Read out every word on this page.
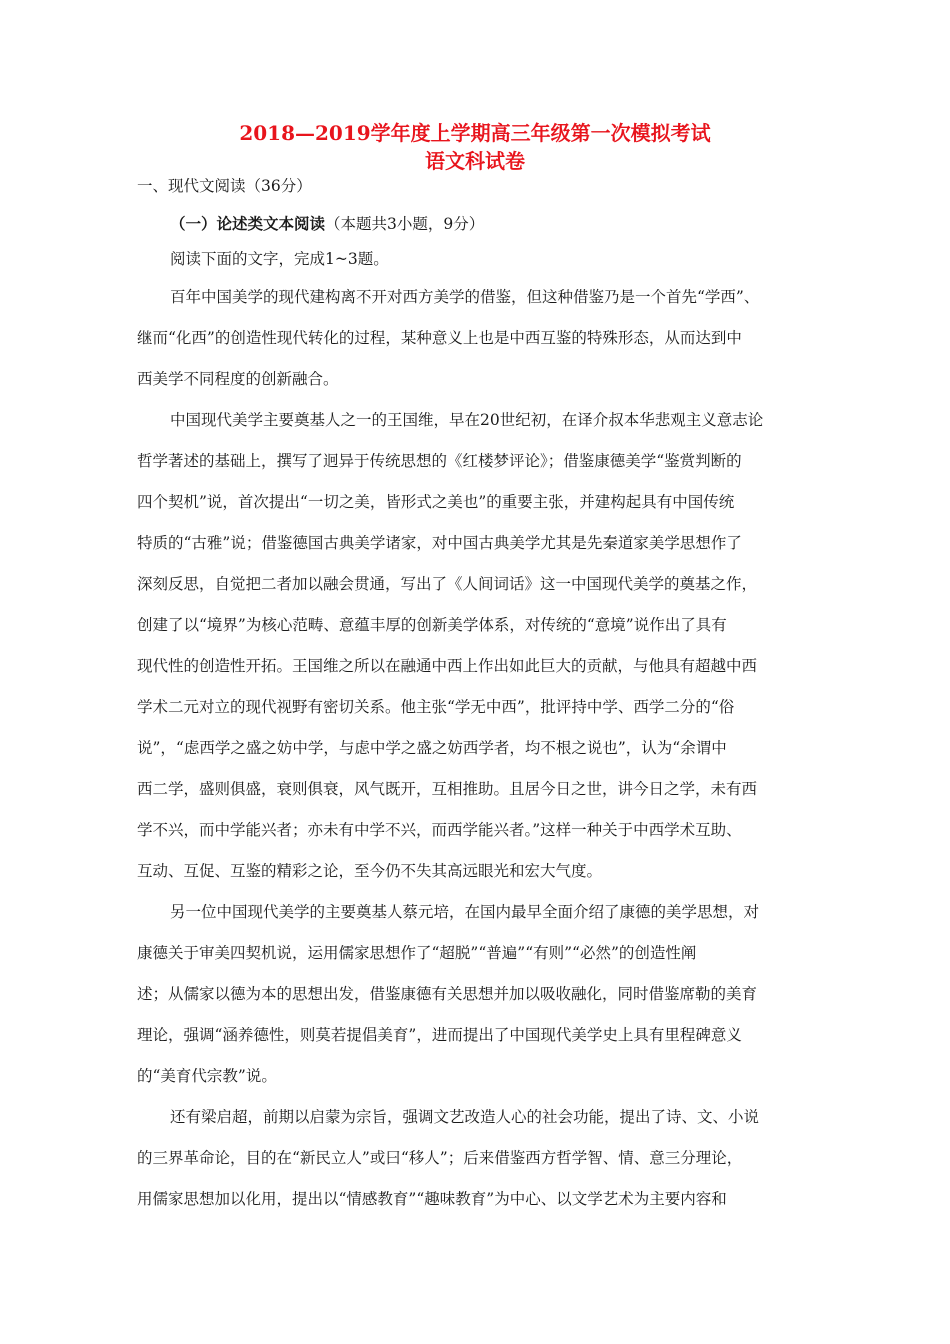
2018—2019学年度上学期高三年级第一次模拟考试
语文科试卷
一、现代文阅读（36分）
（一）论述类文本阅读（本题共3小题，9分）
阅读下面的文字，完成1~3题。
百年中国美学的现代建构离不开对西方美学的借鉴，但这种借鉴乃是一个首先“学西”、
继而“化西”的创造性现代转化的过程，某种意义上也是中西互鉴的特殊形态，从而达到中
西美学不同程度的创新融合。
中国现代美学主要奠基人之一的王国维，早在20世纪初，在译介叔本华悲观主义意志论
哲学著述的基础上，撰写了迥异于传统思想的《红楼梦评论》；借鉴康德美学“鉴赏判断的
四个契机”说，首次提出“一切之美，皆形式之美也”的重要主张，并建构起具有中国传统
特质的“古雅”说；借鉴德国古典美学诸家，对中国古典美学尤其是先秦道家美学思想作了
深刻反思，自觉把二者加以融会贯通，写出了《人间词话》这一中国现代美学的奠基之作，
创建了以“境界”为核心范畴、意蕴丰厚的创新美学体系，对传统的“意境”说作出了具有
现代性的创造性开拓。王国维之所以在融通中西上作出如此巨大的贡献，与他具有超越中西
学术二元对立的现代视野有密切关系。他主张“学无中西”，批评持中学、西学二分的“俗
说”，“虑西学之盛之妨中学，与虑中学之盛之妨西学者，均不根之说也”，认为“余谓中
西二学，盛则俱盛，衰则俱衰，风气既开，互相推助。且居今日之世，讲今日之学，未有西
学不兴，而中学能兴者；亦未有中学不兴，而西学能兴者。”这样一种关于中西学术互助、
互动、互促、互鉴的精彩之论，至今仍不失其高远眼光和宏大气度。
另一位中国现代美学的主要奠基人蔡元培，在国内最早全面介绍了康德的美学思想，对
康德关于审美四契机说，运用儒家思想作了“超脱”“普遍”“有则”“必然”的创造性阐
述；从儒家以德为本的思想出发，借鉴康德有关思想并加以吸收融化，同时借鉴席勒的美育
理论，强调“涵养德性，则莫若提倡美育”，进而提出了中国现代美学史上具有里程碑意义
的“美育代宗教”说。
还有梁启超，前期以启蒙为宗旨，强调文艺改造人心的社会功能，提出了诗、文、小说
的三界革命论，目的在“新民立人”或曰“移人”；后来借鉴西方哲学智、情、意三分理论，
用儒家思想加以化用，提出以“情感教育”“趣味教育”为中心、以文学艺术为主要内容和
